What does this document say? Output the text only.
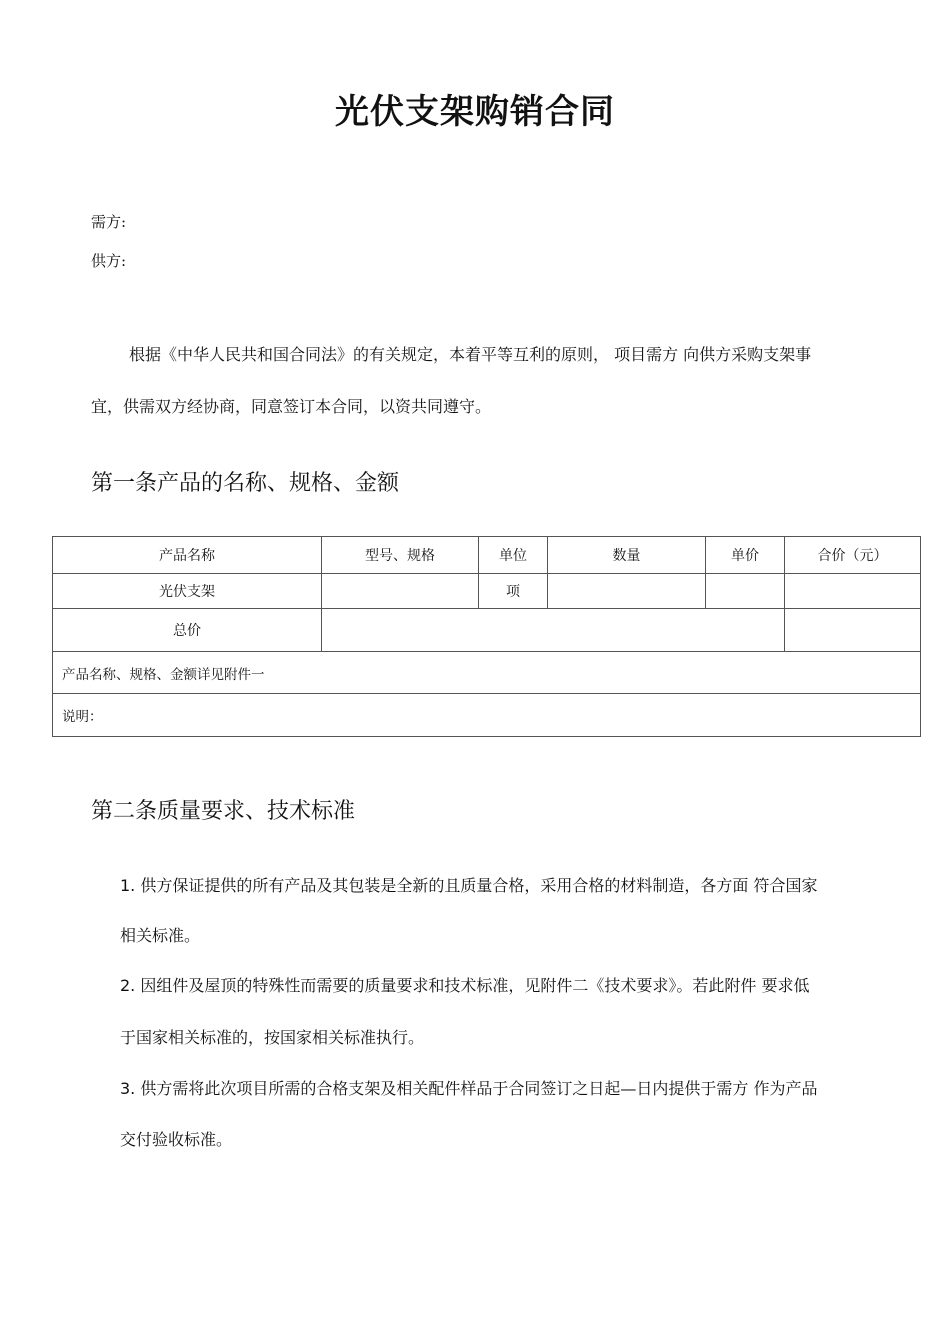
光伏支架购销合同
需方:
供方:
根据《中华人民共和国合同法》的有关规定，本着平等互利的原则， 项目需方 向供方采购支架事
宜，供需双方经协商，同意签订本合同，以资共同遵守。
第一条产品的名称、规格、金额
产品名称	型号、规格	单位	数量	单价	合价（元）
光伏支架		项			
总价					
产品名称、规格、金额详见附件一					
说明：					
第二条质量要求、技术标准
1. 供方保证提供的所有产品及其包装是全新的且质量合格，采用合格的材料制造，各方面 符合国家
相关标准。
2. 因组件及屋顶的特殊性而需要的质量要求和技术标准，见附件二《技术要求》。若此附件 要求低
于国家相关标准的，按国家相关标准执行。
3. 供方需将此次项目所需的合格支架及相关配件样品于合同签订之日起—日内提供于需方 作为产品
交付验收标准。
